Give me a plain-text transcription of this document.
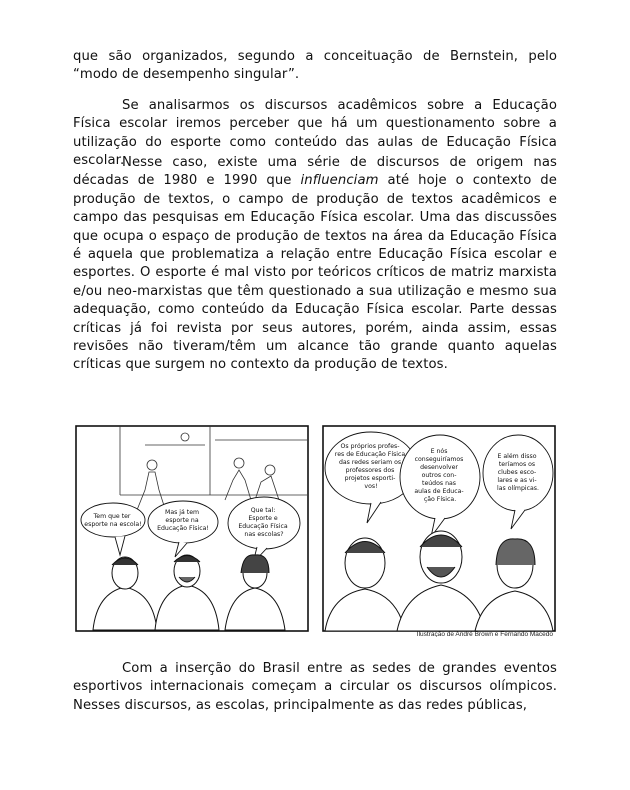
que são organizados, segundo a conceituação de Bernstein, pelo “modo de desempenho singular”.

Se analisarmos os discursos acadêmicos sobre a Educação Física escolar iremos perceber que há um questionamento sobre a utilização do esporte como conteúdo das aulas de Educação Física escolar.

Nesse caso, existe uma série de discursos de origem nas décadas de 1980 e 1990 que influenciam até hoje o contexto de produção de textos, o campo de produção de textos acadêmicos e campo das pesquisas em Educação Física escolar. Uma das discussões que ocupa o espaço de produção de textos na área da Educação Física é aquela que problematiza a relação entre Educação Física escolar e esportes. O esporte é mal visto por teóricos críticos de matriz marxista e/ou neo-marxistas que têm questionado a sua utilização e mesmo sua adequação, como conteúdo da Educação Física escolar. Parte dessas críticas já foi revista por seus autores, porém, ainda assim, essas revisões não tiveram/têm um alcance tão grande quanto aquelas críticas que surgem no contexto da produção de textos.

Tem que ter esporte na escola!
Mas já tem esporte na Educação Física!
Que tal: Esporte e Educação Física nas escolas?
Os próprios profes- res de Educação Física das redes seriam os professores dos projetos esporti- vos!
E nós conseguiríamos desenvolver outros con- teúdos nas aulas de Educa- ção Física.
E além disso teríamos os clubes esco- lares e as vi- las olímpicas.
Ilustração de André Brown e Fernando Macedo

Com a inserção do Brasil entre as sedes de grandes eventos esportivos internacionais começam a circular os discursos olímpicos. Nesses discursos, as escolas, principalmente as das redes públicas,
